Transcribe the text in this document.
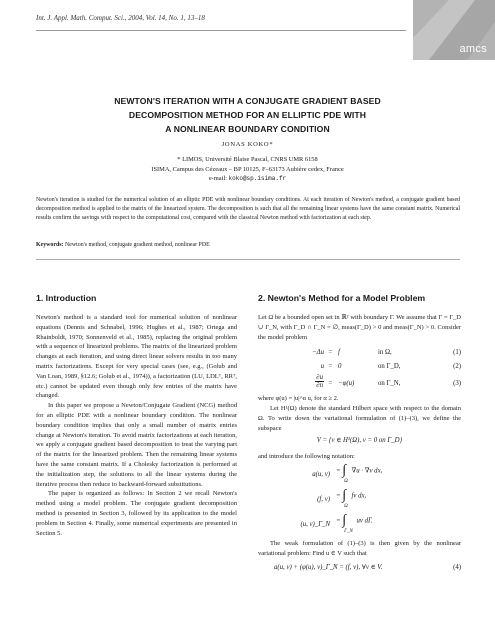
Int. J. Appl. Math. Comput. Sci., 2004, Vol. 14, No. 1, 13–18
amcs
NEWTON'S ITERATION WITH A CONJUGATE GRADIENT BASED
DECOMPOSITION METHOD FOR AN ELLIPTIC PDE WITH
A NONLINEAR BOUNDARY CONDITION
JONAS KOKO*
* LIMOS, Université Blaise Pascal, CNRS UMR 6158
ISIMA, Campus des Cézeaux – BP 10125, F–63173 Aubière cedex, France
e-mail: koko@sp.isima.fr
Newton's iteration is studied for the numerical solution of an elliptic PDE with nonlinear boundary conditions. At each iteration of Newton's method, a conjugate gradient based decomposition method is applied to the matrix of the linearized system. The decomposition is such that all the remaining linear systems have the same constant matrix. Numerical results confirm the savings with respect to the computational cost, compared with the classical Newton method with factorization at each step.
Keywords: Newton's method, conjugate gradient method, nonlinear PDE
1. Introduction

Newton's method is a standard tool for numerical solution of nonlinear equations (Dennis and Schnabel, 1996; Hughes et al., 1987; Ortega and Rhainboldt, 1970; Sonnenveld et al., 1985), replacing the original problem with a sequence of linearized problems. The matrix of the linearized problem changes at each iteration, and using direct linear solvers results in too many matrix factorizations. Except for very special cases (see, e.g., (Golub and Van Loan, 1989, §12.6; Golub et al., 1974)), a factorization (LU, LDLᵀ, RRᵀ, etc.) cannot be updated even though only few entries of the matrix have changed.

In this paper we propose a Newton/Conjugate Gradient (NCG) method for an elliptic PDE with a nonlinear boundary condition. The nonlinear boundary condition implies that only a small number of matrix entries change at Newton's iteration. To avoid matrix factorizations at each iteration, we apply a conjugate gradient based decomposition to treat the varying part of the matrix for the linearized problem. Then the remaining linear systems have the same constant matrix. If a Cholesky factorization is performed at the initialization step, the solutions to all the linear systems during the iterative process then reduce to backward-forward substitutions.

The paper is organized as follows: In Section 2 we recall Newton's method using a model problem. The conjugate gradient decomposition method is presented in Section 3, followed by its application to the model problem in Section 4. Finally, some numerical experiments are presented in Section 5.

2. Newton's Method for a Model Problem

Let Ω be a bounded open set in ℝ² with boundary Γ. We assume that Γ = Γ_D ∪ Γ_N, with Γ_D ∩ Γ_N = ∅, meas(Γ_D) > 0 and meas(Γ_N) > 0. Consider the model problem

−Δu = f	in Ω,	(1)
u = 0	on Γ_D,	(2)
$\frac{\partial u}{\partial n} = -\varphi(u)$	on Γ_N,	(3)

where φ(u) = |u|^α u, for α ≥ 2.

Let H¹(Ω) denote the standard Hilbert space with respect to the domain Ω. To write down the variational formulation of (1)–(3), we define the subspace

V = {v ∈ H¹(Ω), v = 0 on Γ_D}

and introduce the following notation:

a(u, v) = ∫Ω ∇u · ∇v dx,
(f, v) = ∫Ω fv dx,
(u, v)_Γ_N = ∫Γ_N uv dΓ.

The weak formulation of (1)–(3) is then given by the nonlinear variational problem: Find u ∈ V such that

a(u, v) + (φ(u), v)_Γ_N = (f, v), ∀v ∈ V.	(4)
